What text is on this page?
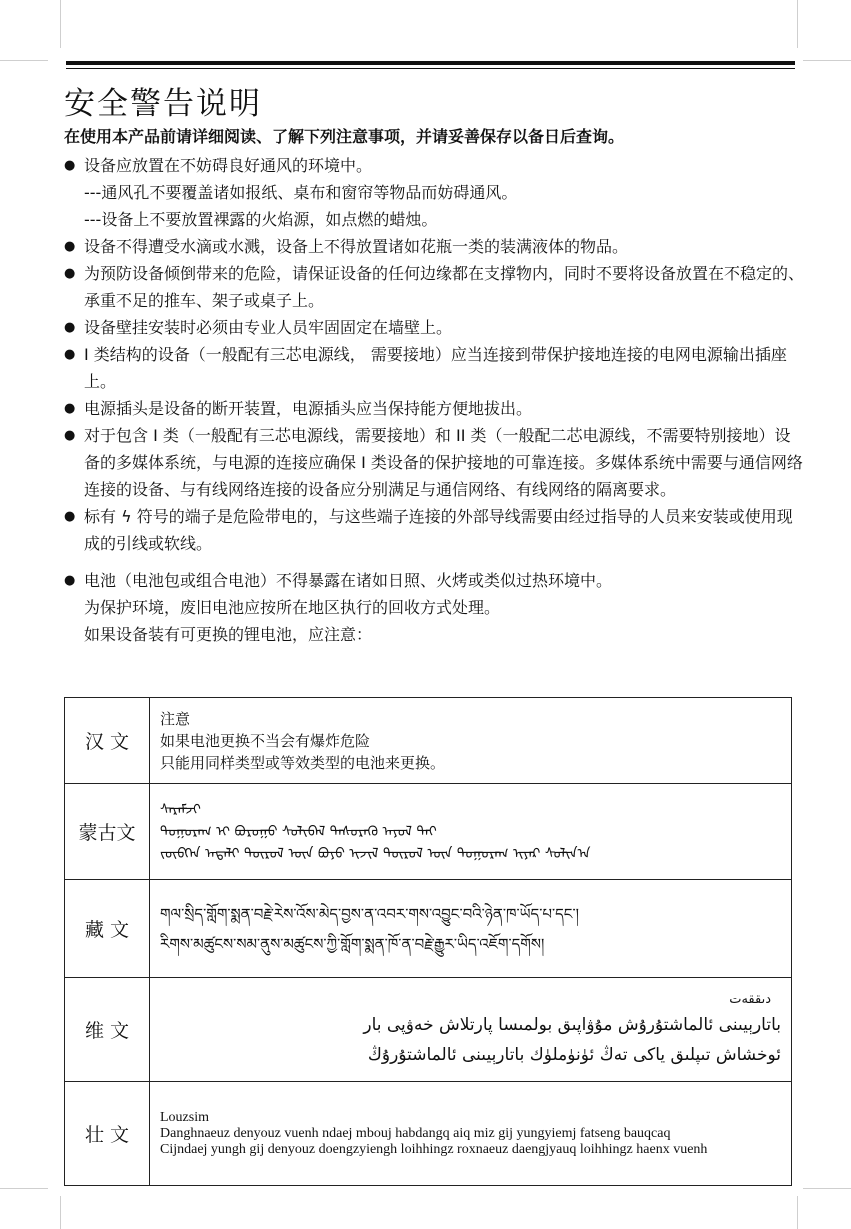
安全警告说明
在使用本产品前请详细阅读、了解下列注意事项，并请妥善保存以备日后查询。
● 设备应放置在不妨碍良好通风的环境中。
---通风孔不要覆盖诸如报纸、桌布和窗帘等物品而妨碍通风。
---设备上不要放置裸露的火焰源，如点燃的蜡烛。
● 设备不得遭受水滴或水溅，设备上不得放置诸如花瓶一类的装满液体的物品。
● 为预防设备倾倒带来的危险，请保证设备的任何边缘都在支撑物内，同时不要将设备放置在不稳定的、承重不足的推车、架子或桌子上。
● 设备壁挂安装时必须由专业人员牢固固定在墙壁上。
● I 类结构的设备（一般配有三芯电源线， 需要接地）应当连接到带保护接地连接的电网电源输出插座上。
● 电源插头是设备的断开装置，电源插头应当保持能方便地拔出。
● 对于包含 I 类（一般配有三芯电源线，需要接地）和 II 类（一般配二芯电源线，不需要特别接地）设备的多媒体系统，与电源的连接应确保 I 类设备的保护接地的可靠连接。多媒体系统中需要与通信网络连接的设备、与有线网络连接的设备应分别满足与通信网络、有线网络的隔离要求。
● 标有 ϟ 符号的端子是危险带电的，与这些端子连接的外部导线需要由经过指导的人员来安装或使用现成的引线或软线。
● 电池（电池包或组合电池）不得暴露在诸如日照、火烤或类似过热环境中。
为保护环境，废旧电池应按所在地区执行的回收方式处理。
如果设备装有可更换的锂电池，应注意：
汉 文	注意
如果电池更换不当会有爆炸危险
只能用同样类型或等效类型的电池来更换。

蒙古文	ᠰᠡᠷᠡᠮᠵᠢ
ᠲᠣᠭᠤᠷᠠᠭ ᠢ ᠪᠤᠷᠤᠭᠤ ᠰᠣᠯᠢᠪᠠᠯ ᠲᠡᠰᠦᠷᠡᠬᠦ ᠠᠶᠤᠯ ᠲᠠᠢ
ᠵᠥᠪᠬᠡᠨ ᠠᠳᠠᠯᠢ ᠲᠦᠷᠦᠯ ᠦᠨ ᠪᠤᠶᠤ ᠢᠵᠢᠯ ᠲᠦᠷᠦᠯ ᠦᠨ ᠲᠣᠭᠤᠷᠠᠭ ᠢᠶᠠᠷ ᠰᠣᠯᠢᠨ᠎ᠠ

藏 文	གལ་སྲིད་གློག་སྨན་བརྗེ་རེས་འོས་མེད་བྱས་ན་འབར་གས་འབྱུང་བའི་ཉེན་ཁ་ཡོད་པ་དང་།
རིགས་མཚུངས་སམ་ནུས་མཚུངས་ཀྱི་གློག་སྨན་ཁོ་ན་བརྗེ་རྒྱུར་ཡིད་འཇོག་དགོས།

维 文	دىققەت
باتارېيىنى ئالماشتۇرۇش مۇۋاپىق بولمىسا پارتلاش خەۋپى بار
ئوخشاش تىپلىق ياكى تەڭ ئۈنۈملۈك باتارېيىنى ئالماشتۇرۇڭ

壮 文	Louzsim
Danghnaeuz denyouz vuenh ndaej mbouj habdangq aiq miz gij yungyiemj fatseng bauqcaq
Cijndaej yungh gij denyouz doengzyiengh loihhingz roxnaeuz daengjyauq loihhingz haenx vuenh
